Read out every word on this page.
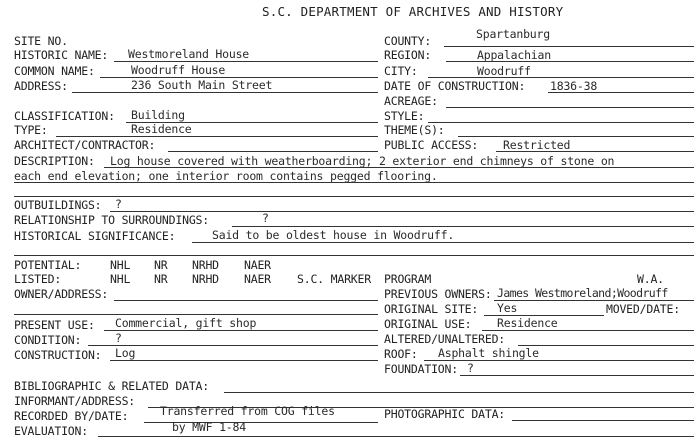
S.C. DEPARTMENT OF ARCHIVES AND HISTORY
SITE NO.
HISTORIC NAME: Westmoreland House
COMMON NAME:	Woodruff House
ADDRESS:	236 South Main Street
COUNTY:	Spartanburg
REGION:	Appalachian
CITY:	Woodruff
DATE OF CONSTRUCTION: 1836-38
ACREAGE:
CLASSIFICATION: Building	STYLE:
TYPE:	Residence	THEME(S):
ARCHITECT/CONTRACTOR:	PUBLIC ACCESS: Restricted
DESCRIPTION: Log house covered with weatherboarding; 2 exterior end chimneys of stone on
each end elevation; one interior room contains pegged flooring.
OUTBUILDINGS: ?
RELATIONSHIP TO SURROUNDINGS:	?
HISTORICAL SIGNIFICANCE:	Said to be oldest house in Woodruff.
POTENTIAL:	NHL NR NRHD NAER
LISTED:	NHL NR NRHD NAER S.C. MARKER PROGRAM	W.A.
OWNER/ADDRESS:	PREVIOUS OWNERS: James Westmoreland;Woodruff
ORIGINAL SITE: Yes	MOVED/DATE:
PRESENT USE: Commercial, gift shop	ORIGINAL USE: Residence
CONDITION:	?	ALTERED/UNALTERED:
CONSTRUCTION: Log	ROOF: Asphalt shingle
FOUNDATION: ?
BIBLIOGRAPHIC & RELATED DATA:
INFORMANT/ADDRESS:
RECORDED BY/DATE:	Transferred from COG files	PHOTOGRAPHIC DATA:
EVALUATION:	by MWF 1-84
